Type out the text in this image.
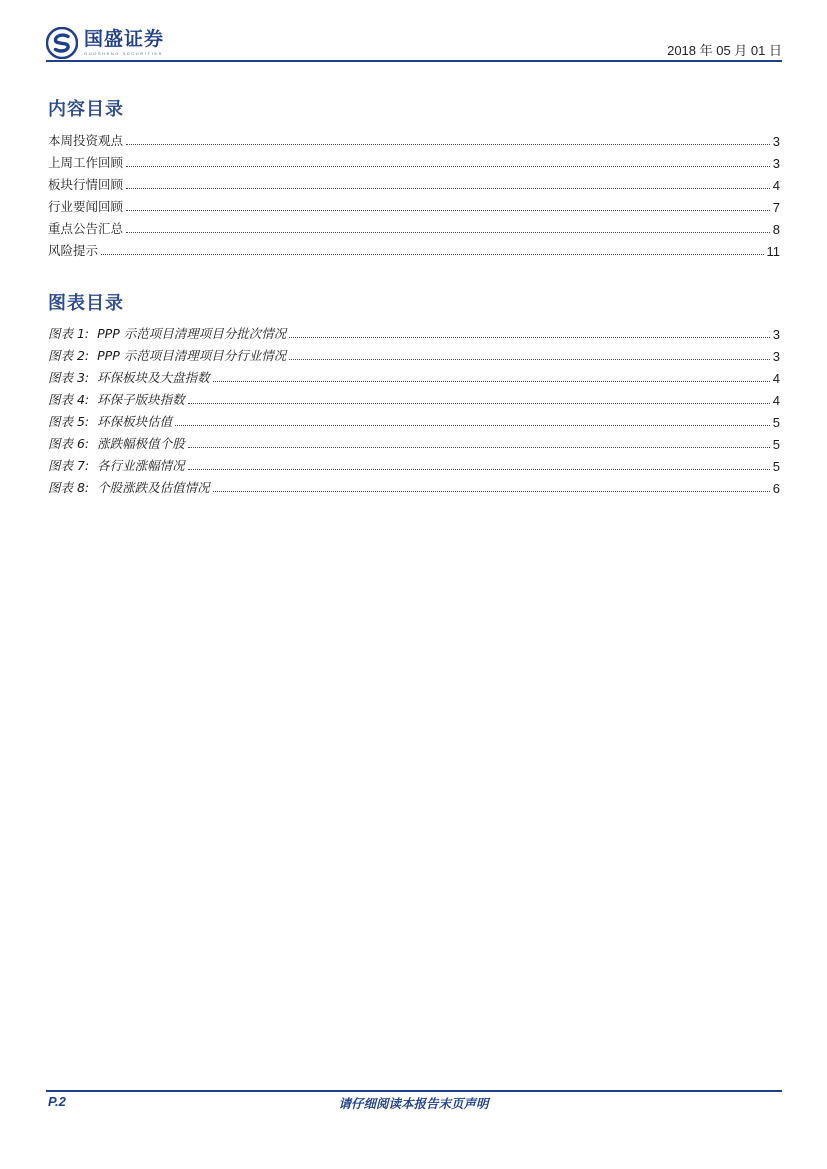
国盛证券
GUOSHENG SECURITIES	2018 年 05 月 01 日
内容目录
本周投资观点	3
上周工作回顾	3
板块行情回顾	4
行业要闻回顾	7
重点公告汇总	8
风险提示	11
图表目录
图表 1: PPP 示范项目清理项目分批次情况	3
图表 2: PPP 示范项目清理项目分行业情况	3
图表 3: 环保板块及大盘指数	4
图表 4: 环保子版块指数	4
图表 5: 环保板块估值	5
图表 6: 涨跌幅极值个股	5
图表 7: 各行业涨幅情况	5
图表 8: 个股涨跌及估值情况	6
P.2	请仔细阅读本报告末页声明
